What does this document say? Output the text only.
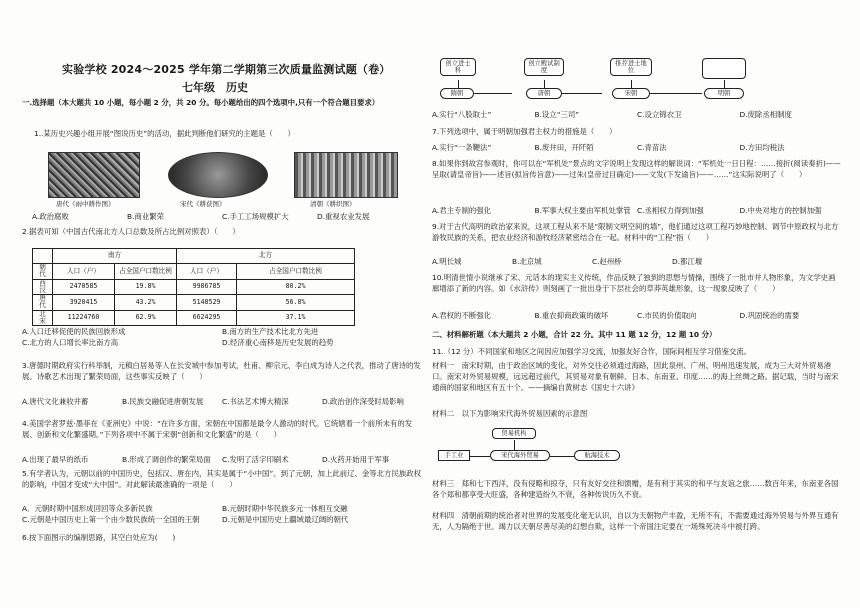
实验学校 2024～2025 学年第二学期第三次质量监测试题（卷）
七年级　历史
一.选择题（本大题共 10 小题，每小题 2 分，共 20 分。每小题给出的四个选项中,只有一个符合题目要求）
1..某历史兴趣小组开展“图说历史”的活动，据此判断他们研究的主题是（　　）
唐代《雨中耕作图》	宋代《耕获图》	清朝《耕织图》
A.政治腐败	B.商业繁荣	C.手工工场规模扩大	D.重视农业发展
2.据表可知（中国古代南北方人口总数及所占比例对照表）（　　）
	南方		北方	
朝代	人口（户）	占全国户口数比例	人口（户）	占全国户口数比例
西汉	2470585	19.8%	9986785	80.2%
唐代	3920415	43.2%	5148529	56.8%
北宋	11224760	62.9%	6624295	37.1%
A.人口迁移促使的民族回族形成	B.南方的生产技术比北方先进
C.北方的人口增长率比南方高	D.经济重心南移是历史发展的趋势
3.唐德时期政府实行科举制，元稹白居易等人在长安城中参加考试，杜甫、柳宗元、李白成为诗人之代表，推动了唐诗的发展。诗歌艺术出现了繁荣局面，这些事实反映了（　　）
A.唐代文化兼收并蓄	B.民族交融促进唐朝发展	C.书法艺术博大精深	D.政治创作深受时局影响
4.美国学者罗兹·墨菲在《亚洲史》中说：“在许多方面，宋朝在中国都是最令人激动的时代。它统辖着一个前所未有的发展、创新和文化繁盛期。”下列各项中不属于宋朝“创新和文化繁盛”的是（　　）
A.出现了最早的纸币	B.形成了调创作的繁荣局面	C.发明了活字印刷术	D.火药开始用于军事
5.有学者认为，元朝以前的中国历史，包括汉、唐在内，其实是属于“小中国”。到了元朝，加上此前辽、金等北方民族政权的影响，中国才变成“大中国”。对此解读最准确的一项是（　　）
A．元朝时期中国形成回回等众多新民族	B.元朝时期中华民族多元一体相互交融
C.元朝是中国历史上第一个由少数民族统一全国的王朝	D.元朝是中国历史上疆域最辽阔的朝代
6.按下面图示的编制思路，其空白处应为(　　)
创立进士科
创立殿试制度
推荐进士地位
隋朝	唐朝	宋朝	明朝
A.实行“八股取士”	B.设立“三司”	C.设立锦衣卫	D.废除丞相制度
7.下列选项中，属于明朝加强君主权力的措施是（　　）
A.实行“一条鞭法”	B.废井田，开阡陌	C.青苗法	D.方田均税法
8.如果你到故宫参观时，你可以在“军机处”景点的文字说明上发现这样的解说词：“军机处一日日程：……接折(阅读奏折)——呈取(请皇帝旨)——述旨(拟旨传旨意)——过朱(皇帝过目确定)——文发(下发谕旨)——……”这实际说明了（　　）
A.君主专制的强化	B.军事大权主要由军机处掌管 C.丞相权力得到加强	D.中央对地方的控制加强
9.对于古代高明的政治家来说，这项工程从来不是“限制文明空间的墙”，他们通过这项工程巧妙地控制、调节中原政权与北方游牧民族的关系，把农业经济和游牧经济紧密结合在一起。材料中的“工程”指（　　）
A.明长城	B.北京城	C.赵州桥	D.都江堰
10.明清世情小说继承了宋、元话本的现实主义传统，作品反映了独到的思想与情操，围绕了一批市井人物形象，为文学史画廊增添了新的内容。如《水浒传》则刻画了一批出身于下层社会的草莽英雄形象，这一现象反映了（　　）
A.君权的不断强化	B.重农抑商政策的破坏	C.市民的价值取向	D.巩固统治的需要
二、材料解析题（本大题共 2 小题，合计 22 分。其中 11 题 12 分，12 题 10 分）
11.（12 分）不同国家和地区之间因应加强学习交流，加强友好合作，国际间相互学习借鉴交流。
材料一　南宋时期，由于政治区域的变化，对外交往必须通过海路，因此泉州、广州、明州迅速发展，成为三大对外贸易港口。南宋对外贸易规模，远远超过前代，其贸易对象有朝鲜、日本、东南亚、印度……的海上丝绸之路。据记载，当时与南宋通商的国家和地区有五十个。——摘编自黄树志《国史十六讲》
材料二　以下为影响宋代海外贸易因素的示意图
贸易机构
手工业	宋代海外贸易	航海技术
材料三　郑和七下西洋，没有侵略和掠夺，只有友好交往和馈赠，是有利于其实的和平与友谊之旅……数百年来，东南亚各国各个郑和都享受大旺盛，各种建造纷久不衰，各种传说历久不衰。
材料四　清朝前期的统治者对世界的发展变化毫无认识，自以为天朝物产丰盈，无所不有，不需要通过海外贸易与外界互通有无，人为隔绝于世。竭力以天朝尽善尽美的幻想自欺，这样一个帝国注定要在一场殊死决斗中被打跨。
